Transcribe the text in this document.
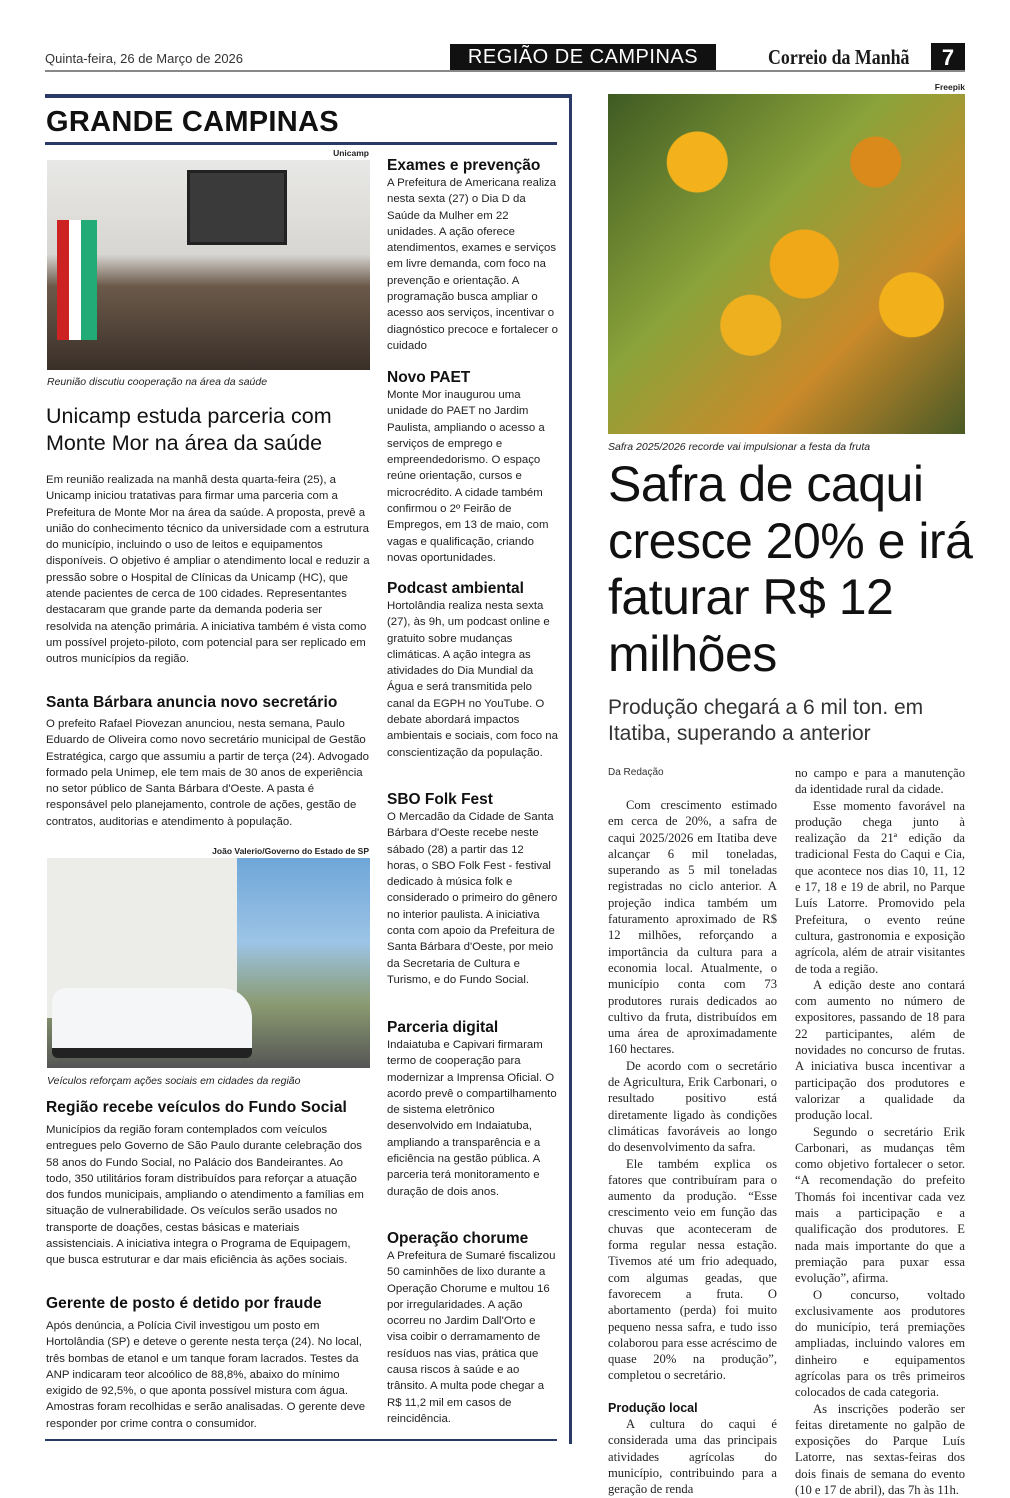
Quinta-feira, 26 de Março de 2026	REGIÃO DE CAMPINAS	Correio da Manhã	7
GRANDE CAMPINAS
Unicamp
Reunião discutiu cooperação na área da saúde
Unicamp estuda parceria com Monte Mor na área da saúde
Em reunião realizada na manhã desta quarta-feira (25), a Unicamp iniciou tratativas para firmar uma parceria com a Prefeitura de Monte Mor na área da saúde. A proposta, prevê a união do conhecimento técnico da universidade com a estrutura do município, incluindo o uso de leitos e equipamentos disponíveis. O objetivo é ampliar o atendimento local e reduzir a pressão sobre o Hospital de Clínicas da Unicamp (HC), que atende pacientes de cerca de 100 cidades. Representantes destacaram que grande parte da demanda poderia ser resolvida na atenção primária. A iniciativa também é vista como um possível projeto-piloto, com potencial para ser replicado em outros municípios da região.
Santa Bárbara anuncia novo secretário
O prefeito Rafael Piovezan anunciou, nesta semana, Paulo Eduardo de Oliveira como novo secretário municipal de Gestão Estratégica, cargo que assumiu a partir de terça (24). Advogado formado pela Unimep, ele tem mais de 30 anos de experiência no setor público de Santa Bárbara d'Oeste. A pasta é responsável pelo planejamento, controle de ações, gestão de contratos, auditorias e atendimento à população.
João Valerio/Governo do Estado de SP
Veículos reforçam ações sociais em cidades da região
Região recebe veículos do Fundo Social
Municípios da região foram contemplados com veículos entregues pelo Governo de São Paulo durante celebração dos 58 anos do Fundo Social, no Palácio dos Bandeirantes. Ao todo, 350 utilitários foram distribuídos para reforçar a atuação dos fundos municipais, ampliando o atendimento a famílias em situação de vulnerabilidade. Os veículos serão usados no transporte de doações, cestas básicas e materiais assistenciais. A iniciativa integra o Programa de Equipagem, que busca estruturar e dar mais eficiência às ações sociais.
Gerente de posto é detido por fraude
Após denúncia, a Polícia Civil investigou um posto em Hortolândia (SP) e deteve o gerente nesta terça (24). No local, três bombas de etanol e um tanque foram lacrados. Testes da ANP indicaram teor alcoólico de 88,8%, abaixo do mínimo exigido de 92,5%, o que aponta possível mistura com água. Amostras foram recolhidas e serão analisadas. O gerente deve responder por crime contra o consumidor.
Exames e prevenção
A Prefeitura de Americana realiza nesta sexta (27) o Dia D da Saúde da Mulher em 22 unidades. A ação oferece atendimentos, exames e serviços em livre demanda, com foco na prevenção e orientação. A programação busca ampliar o acesso aos serviços, incentivar o diagnóstico precoce e fortalecer o cuidado
Novo PAET
Monte Mor inaugurou uma unidade do PAET no Jardim Paulista, ampliando o acesso a serviços de emprego e empreendedorismo. O espaço reúne orientação, cursos e microcrédito. A cidade também confirmou o 2º Feirão de Empregos, em 13 de maio, com vagas e qualificação, criando novas oportunidades.
Podcast ambiental
Hortolândia realiza nesta sexta (27), às 9h, um podcast online e gratuito sobre mudanças climáticas. A ação integra as atividades do Dia Mundial da Água e será transmitida pelo canal da EGPH no YouTube. O debate abordará impactos ambientais e sociais, com foco na conscientização da população.
SBO Folk Fest
O Mercadão da Cidade de Santa Bárbara d'Oeste recebe neste sábado (28) a partir das 12 horas, o SBO Folk Fest - festival dedicado à música folk e considerado o primeiro do gênero no interior paulista. A iniciativa conta com apoio da Prefeitura de Santa Bárbara d'Oeste, por meio da Secretaria de Cultura e Turismo, e do Fundo Social.
Parceria digital
Indaiatuba e Capivari firmaram termo de cooperação para modernizar a Imprensa Oficial. O acordo prevê o compartilhamento de sistema eletrônico desenvolvido em Indaiatuba, ampliando a transparência e a eficiência na gestão pública. A parceria terá monitoramento e duração de dois anos.
Operação chorume
A Prefeitura de Sumaré fiscalizou 50 caminhões de lixo durante a Operação Chorume e multou 16 por irregularidades. A ação ocorreu no Jardim Dall'Orto e visa coibir o derramamento de resíduos nas vias, prática que causa riscos à saúde e ao trânsito. A multa pode chegar a R$ 11,2 mil em casos de reincidência.
Freepik
Safra 2025/2026 recorde vai impulsionar a festa da fruta
Safra de caqui cresce 20% e irá faturar R$ 12 milhões
Produção chegará a 6 mil ton. em Itatiba, superando a anterior
Da Redação

Com crescimento estimado em cerca de 20%, a safra de caqui 2025/2026 em Itatiba deve alcançar 6 mil toneladas, superando as 5 mil toneladas registradas no ciclo anterior. A projeção indica também um faturamento aproximado de R$ 12 milhões, reforçando a importância da cultura para a economia local. Atualmente, o município conta com 73 produtores rurais dedicados ao cultivo da fruta, distribuídos em uma área de aproximadamente 160 hectares.

De acordo com o secretário de Agricultura, Erik Carbonari, o resultado positivo está diretamente ligado às condições climáticas favoráveis ao longo do desenvolvimento da safra.

Ele também explica os fatores que contribuíram para o aumento da produção. “Esse crescimento veio em função das chuvas que aconteceram de forma regular nessa estação. Tivemos até um frio adequado, com algumas geadas, que favorecem a fruta. O abortamento (perda) foi muito pequeno nessa safra, e tudo isso colaborou para esse acréscimo de quase 20% na produção”, completou o secretário.

Produção local

A cultura do caqui é considerada uma das principais atividades agrícolas do município, contribuindo para a geração de renda

no campo e para a manutenção da identidade rural da cidade.

Esse momento favorável na produção chega junto à realização da 21ª edição da tradicional Festa do Caqui e Cia, que acontece nos dias 10, 11, 12 e 17, 18 e 19 de abril, no Parque Luís Latorre. Promovido pela Prefeitura, o evento reúne cultura, gastronomia e exposição agrícola, além de atrair visitantes de toda a região.

A edição deste ano contará com aumento no número de expositores, passando de 18 para 22 participantes, além de novidades no concurso de frutas. A iniciativa busca incentivar a participação dos produtores e valorizar a qualidade da produção local.

Segundo o secretário Erik Carbonari, as mudanças têm como objetivo fortalecer o setor. “A recomendação do prefeito Thomás foi incentivar cada vez mais a participação e a qualificação dos produtores. E nada mais importante do que a premiação para puxar essa evolução”, afirma.

O concurso, voltado exclusivamente aos produtores do município, terá premiações ampliadas, incluindo valores em dinheiro e equipamentos agrícolas para os três primeiros colocados de cada categoria.

As inscrições poderão ser feitas diretamente no galpão de exposições do Parque Luís Latorre, nas sextas-feiras dos dois finais de semana do evento (10 e 17 de abril), das 7h às 11h.
